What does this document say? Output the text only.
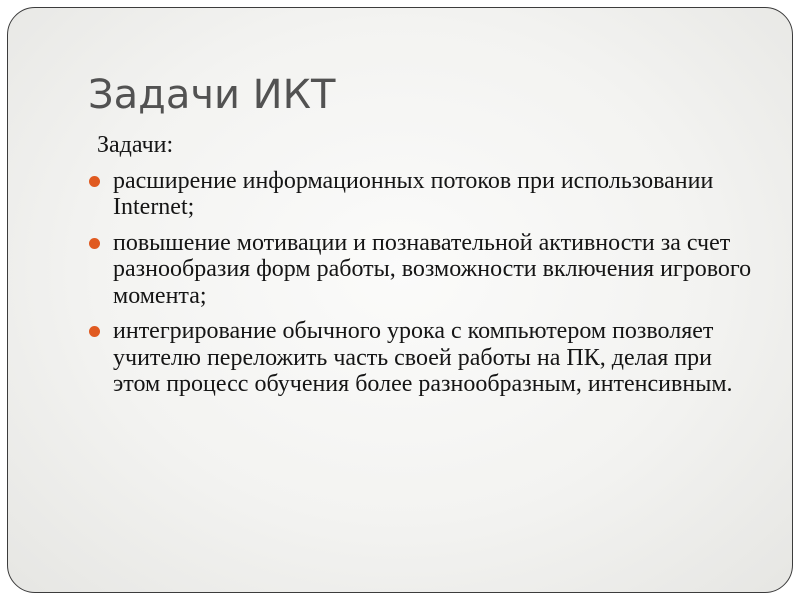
Задачи ИКТ

Задачи:

расширение информационных потоков при использовании Internet;
повышение мотивации и познавательной активности за счет разнообразия форм работы, возможности включения игрового момента;
интегрирование обычного урока с компьютером позволяет учителю переложить часть своей работы на ПК, делая при этом процесс обучения более разнообразным, интенсивным.
